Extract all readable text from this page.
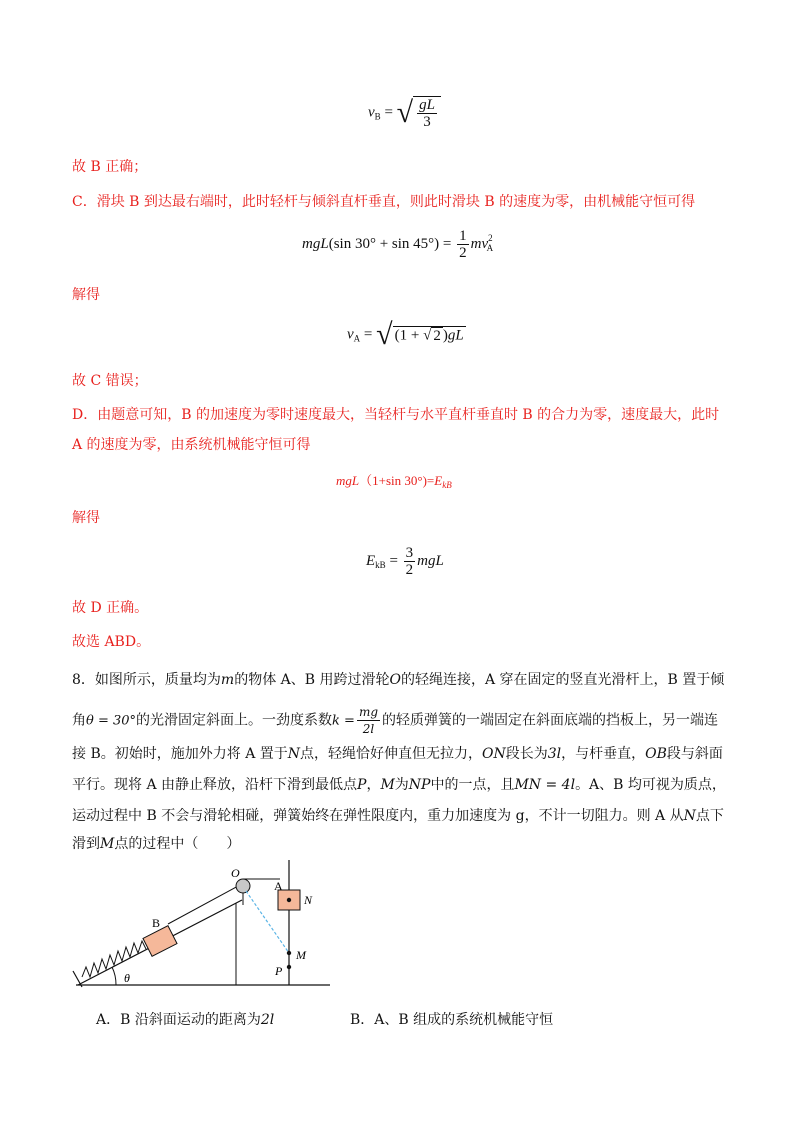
$v_B$ = √ $\frac{gL}{3}$
故 B 正确；
C．滑块 B 到达最右端时，此时轻杆与倾斜直杆垂直，则此时滑块 B 的速度为零，由机械能守恒可得
mgL(sin $30^\circ + \sin 45^\circ) = \frac{1}{2} mv^2_A$
解得
$v_A$ = √ (1 + √ 2 )gL
故 C 错误；
D．由题意可知，B 的加速度为零时速度最大，当轻杆与水平直杆垂直时 B 的合力为零，速度最大，此时
A 的速度为零，由系统机械能守恒可得
mgL（1+sin $30^\circ)=E_{kB}$
解得
$E_{kB} = \frac{3}{2}$ mgL
故 D 正确。
故选 ABD。
8．如图所示，质量均为m的物体 A、B 用跨过滑轮O的轻绳连接，A 穿在固定的竖直光滑杆上，B 置于倾
角θ = 30°的光滑固定斜面上。一劲度系数$k = \frac{mg}{2l}$ 的轻质弹簧的一端固定在斜面底端的挡板上，另一端连
接 B。初始时，施加外力将 A 置于N点，轻绳恰好伸直但无拉力，ON段长为3l，与杆垂直，OB段与斜面
平行。现将 A 由静止释放，沿杆下滑到最低点P，M为NP中的一点，且MN = 4l。A、B 均可视为质点，
运动过程中 B 不会与滑轮相碰，弹簧始终在弹性限度内，重力加速度为 g，不计一切阻力。则 A 从N点下
滑到M点的过程中（　　）
O
A
N
B
M
P
θ
A．B 沿斜面运动的距离为2l	B．A、B 组成的系统机械能守恒
